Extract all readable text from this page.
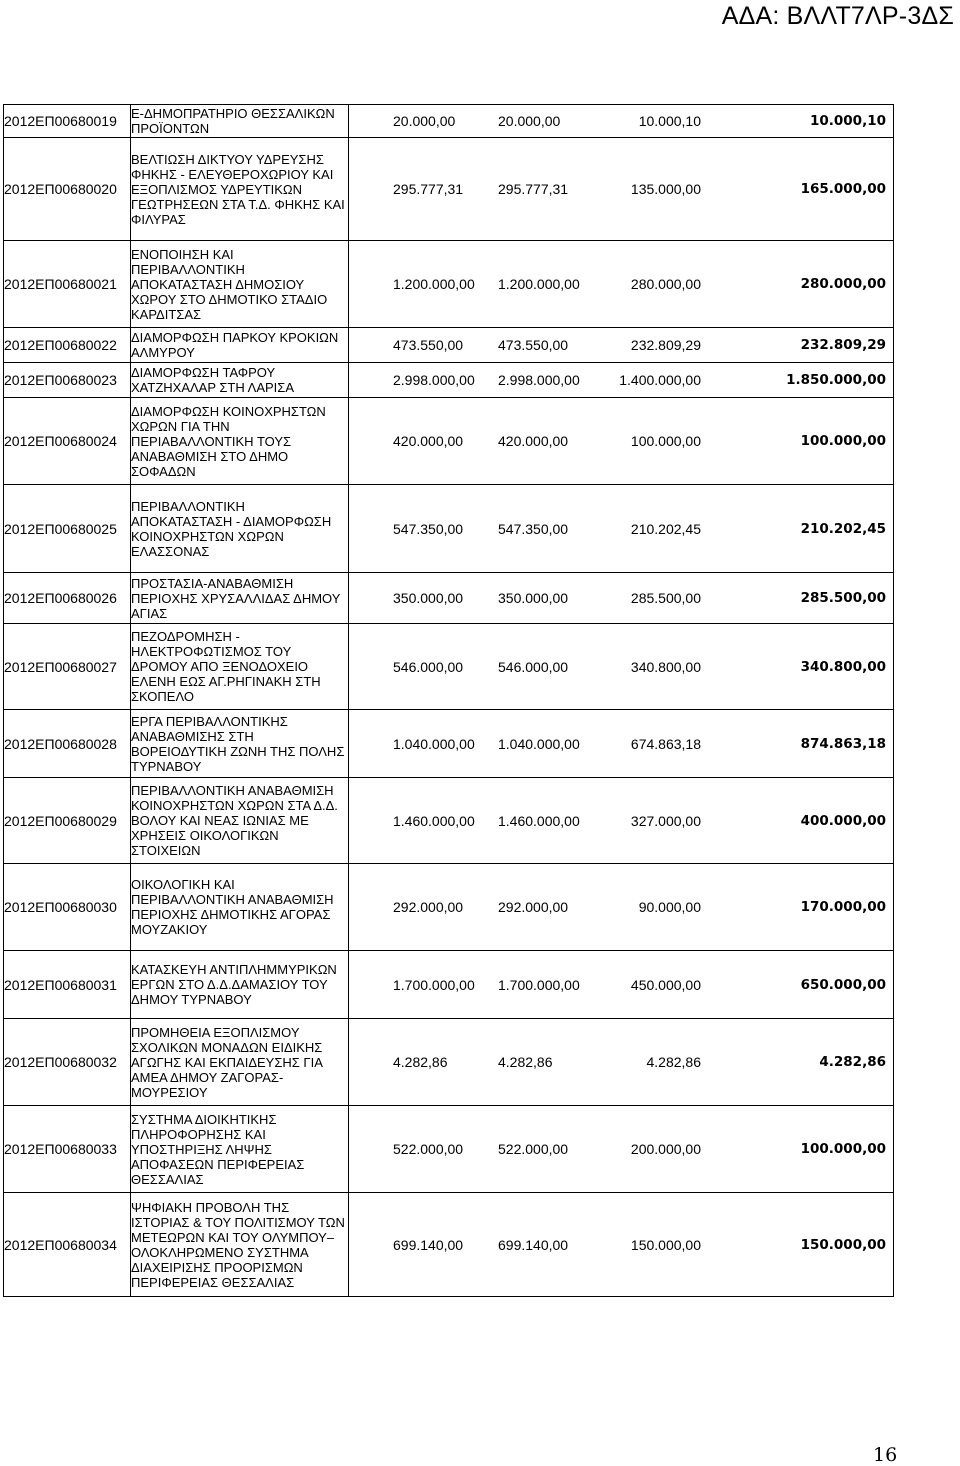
ΑΔΑ: ΒΛΛΤ7ΛΡ-3ΔΣ
2012ΕΠ00680019	Ε-ΔΗΜΟΠΡΑΤΗΡΙΟ ΘΕΣΣΑΛΙΚΩΝ ΠΡΟΪΟΝΤΩΝ	20.000,00 20.000,00 10.000,10 10.000,10

2012ΕΠ00680020	ΒΕΛΤΙΩΣΗ ΔΙΚΤΥΟΥ ΥΔΡΕΥΣΗΣ ΦΗΚΗΣ - ΕΛΕΥΘΕΡΟΧΩΡΙΟΥ ΚΑΙ ΕΞΟΠΛΙΣΜΟΣ ΥΔΡΕΥΤΙΚΩΝ ΓΕΩΤΡΗΣΕΩΝ ΣΤΑ Τ.Δ. ΦΗΚΗΣ ΚΑΙ ΦΙΛΥΡΑΣ	295.777,31 295.777,31 135.000,00 165.000,00

2012ΕΠ00680021	ΕΝΟΠΟΙΗΣΗ ΚΑΙ ΠΕΡΙΒΑΛΛΟΝΤΙΚΗ ΑΠΟΚΑΤΑΣΤΑΣΗ ΔΗΜΟΣΙΟΥ ΧΩΡΟΥ ΣΤΟ ΔΗΜΟΤΙΚΟ ΣΤΑΔΙΟ ΚΑΡΔΙΤΣΑΣ	1.200.000,00 1.200.000,00 280.000,00 280.000,00

2012ΕΠ00680022	ΔΙΑΜΟΡΦΩΣΗ ΠΑΡΚΟΥ ΚΡΟΚΙΩΝ ΑΛΜΥΡΟΥ	473.550,00 473.550,00 232.809,29 232.809,29

2012ΕΠ00680023	ΔΙΑΜΟΡΦΩΣΗ ΤΑΦΡΟΥ ΧΑΤΖΗΧΑΛΑΡ ΣΤΗ ΛΑΡΙΣΑ	2.998.000,00 2.998.000,00 1.400.000,00 1.850.000,00

2012ΕΠ00680024	ΔΙΑΜΟΡΦΩΣΗ ΚΟΙΝΟΧΡΗΣΤΩΝ ΧΩΡΩΝ ΓΙΑ ΤΗΝ ΠΕΡΙΑΒΑΛΛΟΝΤΙΚΗ ΤΟΥΣ ΑΝΑΒΑΘΜΙΣΗ ΣΤΟ ΔΗΜΟ ΣΟΦΑΔΩΝ	420.000,00 420.000,00 100.000,00 100.000,00

2012ΕΠ00680025	ΠΕΡΙΒΑΛΛΟΝΤΙΚΗ ΑΠΟΚΑΤΑΣΤΑΣΗ - ΔΙΑΜΟΡΦΩΣΗ ΚΟΙΝΟΧΡΗΣΤΩΝ ΧΩΡΩΝ ΕΛΑΣΣΟΝΑΣ	547.350,00 547.350,00 210.202,45 210.202,45

2012ΕΠ00680026	ΠΡΟΣΤΑΣΙΑ-ΑΝΑΒΑΘΜΙΣΗ ΠΕΡΙΟΧΗΣ ΧΡΥΣΑΛΛΙΔΑΣ ΔΗΜΟΥ ΑΓΙΑΣ	350.000,00 350.000,00 285.500,00 285.500,00

2012ΕΠ00680027	ΠΕΖΟΔΡΟΜΗΣΗ - ΗΛΕΚΤΡΟΦΩΤΙΣΜΟΣ ΤΟΥ ΔΡΟΜΟΥ ΑΠΟ ΞΕΝΟΔΟΧΕΙΟ ΕΛΕΝΗ ΕΩΣ ΑΓ.ΡΗΓΙΝΑΚΗ ΣΤΗ ΣΚΟΠΕΛΟ	546.000,00 546.000,00 340.800,00 340.800,00

2012ΕΠ00680028	ΕΡΓΑ ΠΕΡΙΒΑΛΛΟΝΤΙΚΗΣ ΑΝΑΒΑΘΜΙΣΗΣ ΣΤΗ ΒΟΡΕΙΟΔΥΤΙΚΗ ΖΩΝΗ ΤΗΣ ΠΟΛΗΣ ΤΥΡΝΑΒΟΥ	1.040.000,00 1.040.000,00 674.863,18 874.863,18

2012ΕΠ00680029	ΠΕΡΙΒΑΛΛΟΝΤΙΚΗ ΑΝΑΒΑΘΜΙΣΗ ΚΟΙΝΟΧΡΗΣΤΩΝ ΧΩΡΩΝ ΣΤΑ Δ.Δ. ΒΟΛΟΥ ΚΑΙ ΝΕΑΣ ΙΩΝΙΑΣ ΜΕ ΧΡΗΣΕΙΣ ΟΙΚΟΛΟΓΙΚΩΝ ΣΤΟΙΧΕΙΩΝ	1.460.000,00 1.460.000,00 327.000,00 400.000,00

2012ΕΠ00680030	ΟΙΚΟΛΟΓΙΚΗ ΚΑΙ ΠΕΡΙΒΑΛΛΟΝΤΙΚΗ ΑΝΑΒΑΘΜΙΣΗ ΠΕΡΙΟΧΗΣ ΔΗΜΟΤΙΚΗΣ ΑΓΟΡΑΣ ΜΟΥΖΑΚΙΟΥ	292.000,00 292.000,00 90.000,00 170.000,00

2012ΕΠ00680031	ΚΑΤΑΣΚΕΥΗ ΑΝΤΙΠΛΗΜΜΥΡΙΚΩΝ ΕΡΓΩΝ ΣΤΟ Δ.Δ.ΔΑΜΑΣΙΟΥ ΤΟΥ ΔΗΜΟΥ ΤΥΡΝΑΒΟΥ	1.700.000,00 1.700.000,00 450.000,00 650.000,00

2012ΕΠ00680032	ΠΡΟΜΗΘΕΙΑ ΕΞΟΠΛΙΣΜΟΥ ΣΧΟΛΙΚΩΝ ΜΟΝΑΔΩΝ ΕΙΔΙΚΗΣ ΑΓΩΓΗΣ ΚΑΙ ΕΚΠΑΙΔΕΥΣΗΣ ΓΙΑ ΑΜΕΑ ΔΗΜΟΥ ΖΑΓΟΡΑΣ-ΜΟΥΡΕΣΙΟΥ	4.282,86 4.282,86 4.282,86 4.282,86

2012ΕΠ00680033	ΣΥΣΤΗΜΑ ΔΙΟΙΚΗΤΙΚΗΣ ΠΛΗΡΟΦΟΡΗΣΗΣ ΚΑΙ ΥΠΟΣΤΗΡΙΞΗΣ ΛΗΨΗΣ ΑΠΟΦΑΣΕΩΝ ΠΕΡΙΦΕΡΕΙΑΣ ΘΕΣΣΑΛΙΑΣ	522.000,00 522.000,00 200.000,00 100.000,00

2012ΕΠ00680034	ΨΗΦΙΑΚΗ ΠΡΟΒΟΛΗ ΤΗΣ ΙΣΤΟΡΙΑΣ & ΤΟΥ ΠΟΛΙΤΙΣΜΟΥ ΤΩΝ ΜΕΤΕΩΡΩΝ ΚΑΙ ΤΟΥ ΟΛΥΜΠΟΥ– ΟΛΟΚΛΗΡΩΜΕΝΟ ΣΥΣΤΗΜΑ ΔΙΑΧΕΙΡΙΣΗΣ ΠΡΟΟΡΙΣΜΩΝ ΠΕΡΙΦΕΡΕΙΑΣ ΘΕΣΣΑΛΙΑΣ	699.140,00 699.140,00 150.000,00 150.000,00
16
